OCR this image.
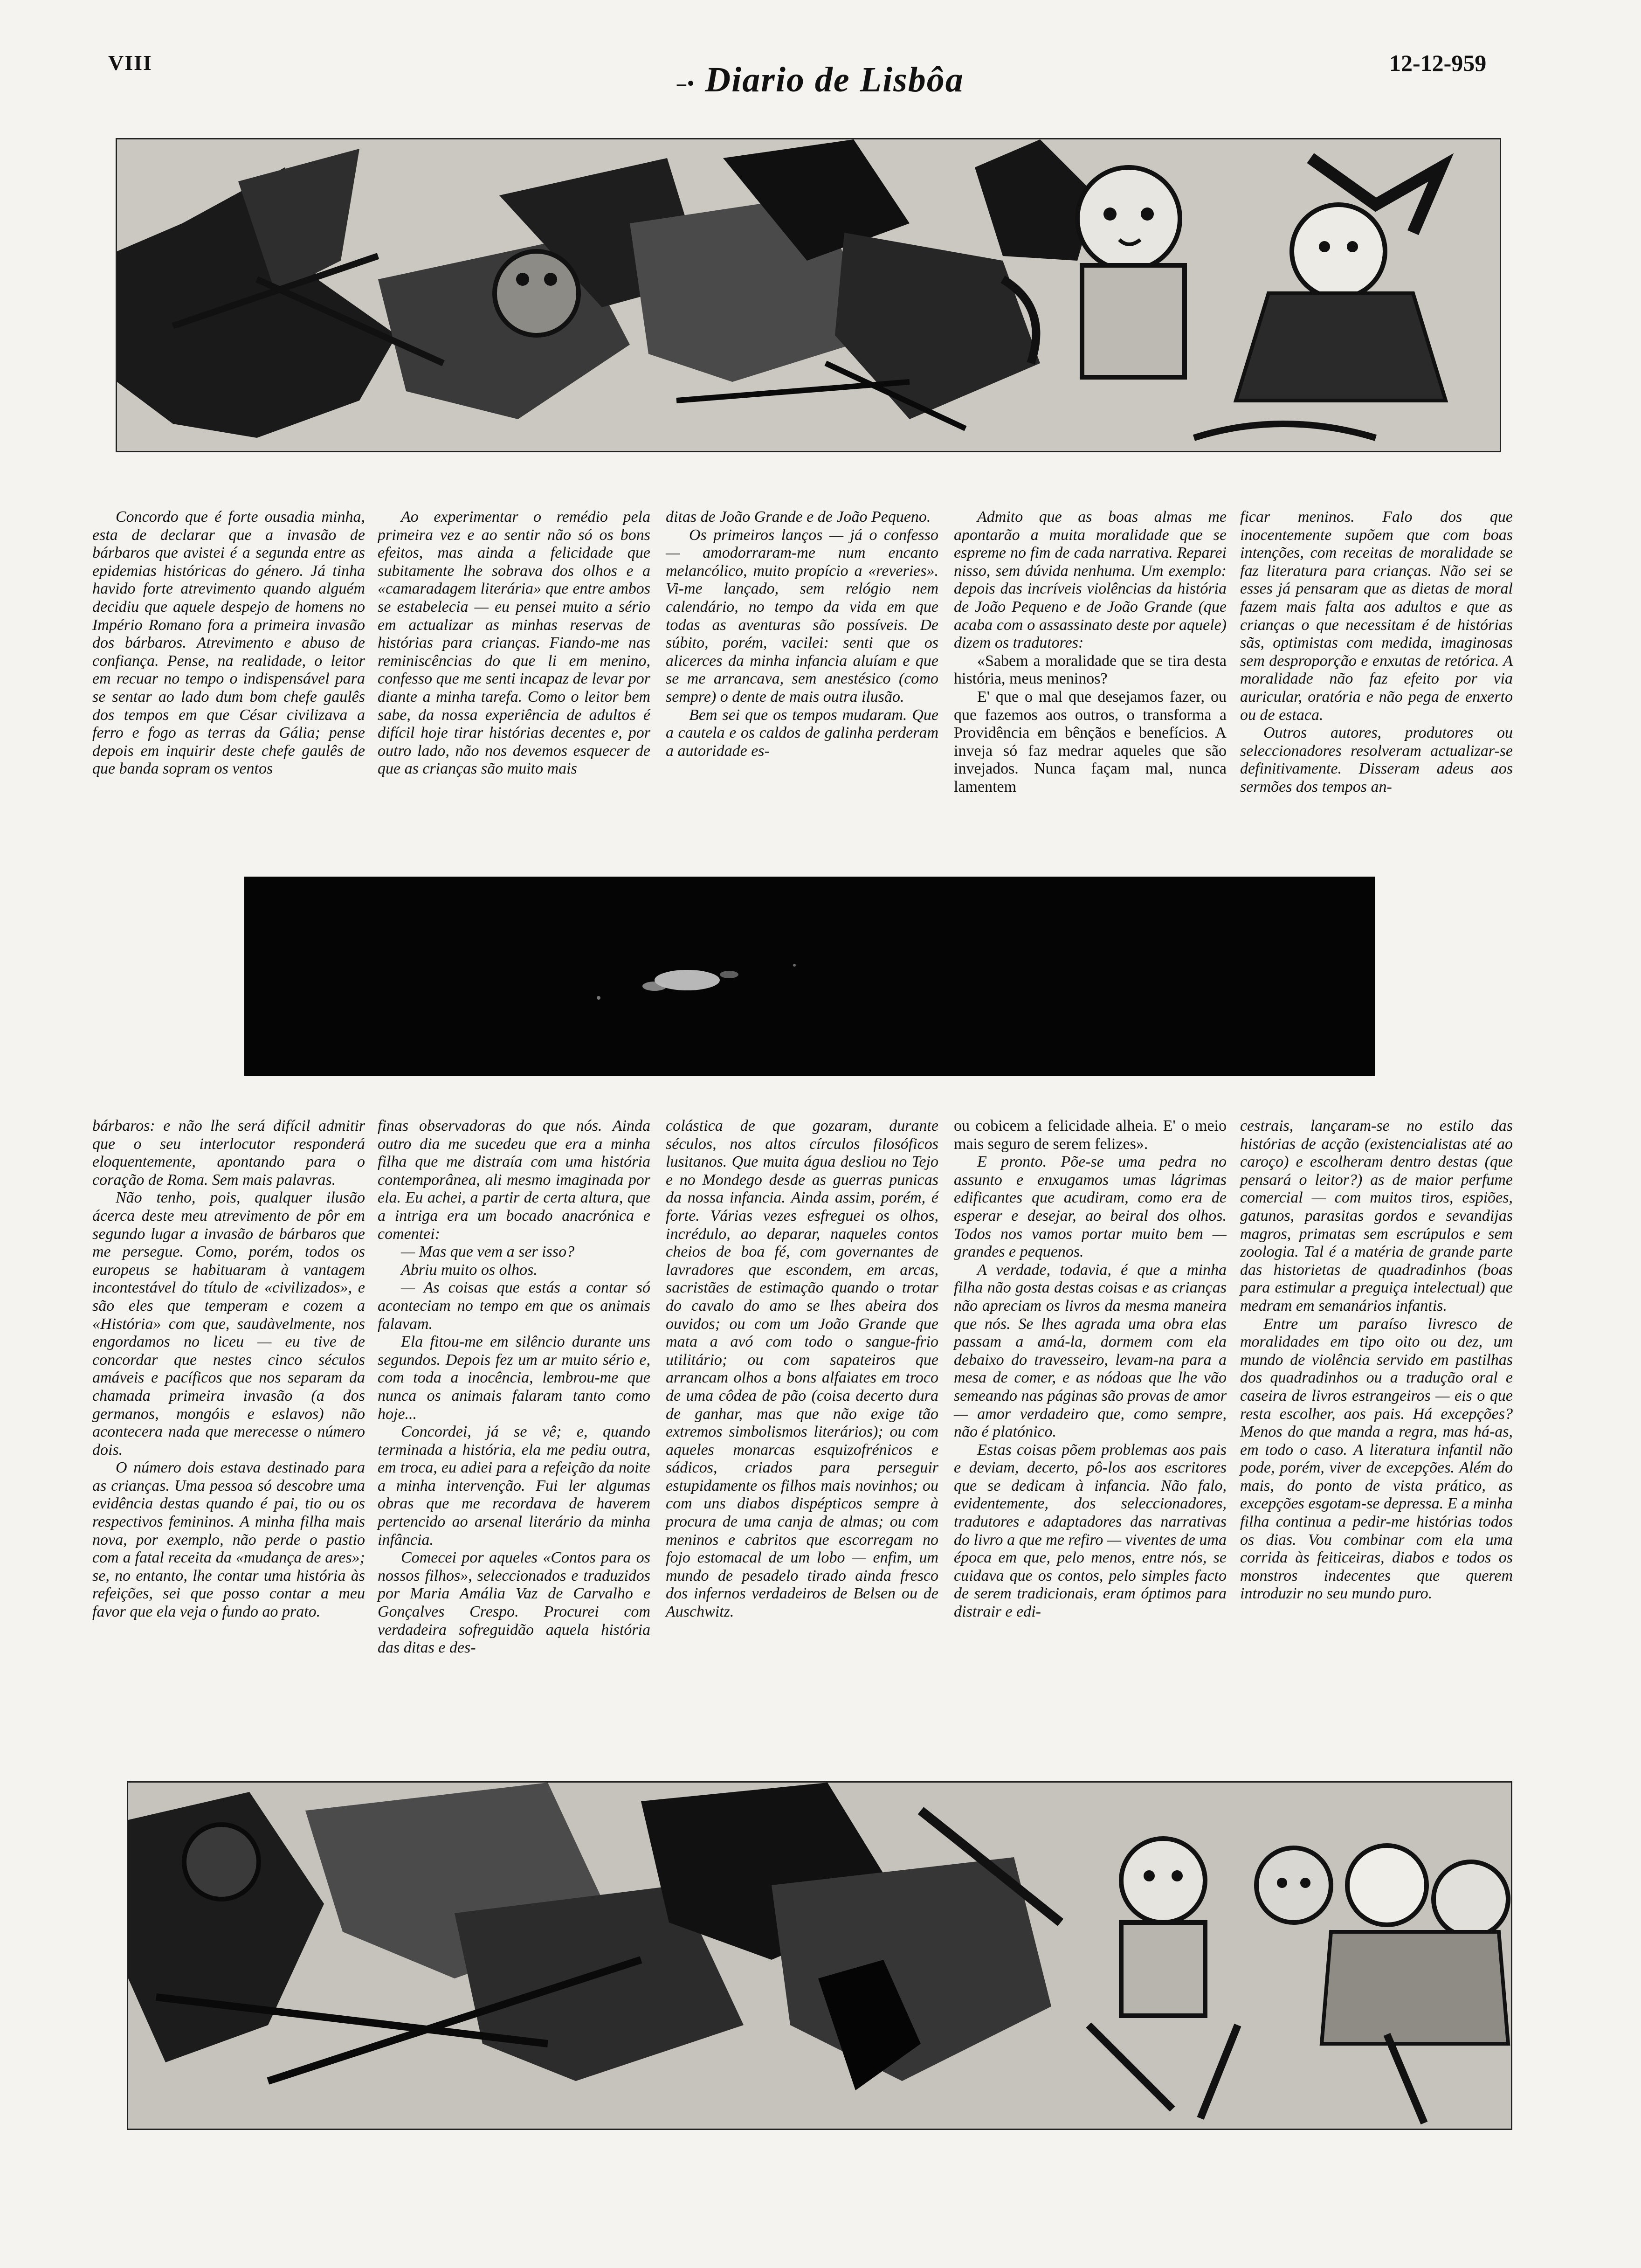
VIII
–• Diario de Lisbôa	12-12-959

Concordo que é forte ousadia minha, esta de declarar que a invasão de bárbaros que avistei é a segunda entre as epidemias históricas do género. Já tinha havido forte atrevimento quando alguém decidiu que aquele despejo de homens no Império Romano fora a primeira invasão dos bárbaros. Atrevimento e abuso de confiança. Pense, na realidade, o leitor em recuar no tempo o indispensável para se sentar ao lado dum bom chefe gaulês dos tempos em que César civilizava a ferro e fogo as terras da Gália; pense depois em inquirir deste chefe gaulês de que banda sopram os ventos

Ao experimentar o remédio pela primeira vez e ao sentir não só os bons efeitos, mas ainda a felicidade que subitamente lhe sobrava dos olhos e a «camaradagem literária» que entre ambos se estabelecia — eu pensei muito a sério em actualizar as minhas reservas de histórias para crianças. Fiando-me nas reminiscências do que li em menino, confesso que me senti incapaz de levar por diante a minha tarefa. Como o leitor bem sabe, da nossa experiência de adultos é difícil hoje tirar histórias decentes e, por outro lado, não nos devemos esquecer de que as crianças são muito mais

ditas de João Grande e de João Pequeno.

Os primeiros lanços — já o confesso — amodorraram-me num encanto melancólico, muito propício a «reveries». Vi-me lançado, sem relógio nem calendário, no tempo da vida em que todas as aventuras são possíveis. De súbito, porém, vacilei: senti que os alicerces da minha infancia aluíam e que se me arrancava, sem anestésico (como sempre) o dente de mais outra ilusão.

Bem sei que os tempos mudaram. Que a cautela e os caldos de galinha perderam a autoridade es-

Admito que as boas almas me apontarão a muita moralidade que se espreme no fim de cada narrativa. Reparei nisso, sem dúvida nenhuma. Um exemplo: depois das incríveis violências da história de João Pequeno e de João Grande (que acaba com o assassinato deste por aquele) dizem os tradutores:

«Sabem a moralidade que se tira desta história, meus meninos?

E' que o mal que desejamos fazer, ou que fazemos aos outros, o transforma a Providência em bênçãos e benefícios. A inveja só faz medrar aqueles que são invejados. Nunca façam mal, nunca lamentem

ficar meninos. Falo dos que inocentemente supõem que com boas intenções, com receitas de moralidade se faz literatura para crianças. Não sei se esses já pensaram que as dietas de moral fazem mais falta aos adultos e que as crianças o que necessitam é de histórias sãs, optimistas com medida, imaginosas sem desproporção e enxutas de retórica. A moralidade não faz efeito por via auricular, oratória e não pega de enxerto ou de estaca.

Outros autores, produtores ou seleccionadores resolveram actualizar-se definitivamente. Disseram adeus aos sermões dos tempos an-

bárbaros: e não lhe será difícil admitir que o seu interlocutor responderá eloquentemente, apontando para o coração de Roma. Sem mais palavras.

Não tenho, pois, qualquer ilusão ácerca deste meu atrevimento de pôr em segundo lugar a invasão de bárbaros que me persegue. Como, porém, todos os europeus se habituaram à vantagem incontestável do título de «civilizados», e são eles que temperam e cozem a «História» com que, saudàvelmente, nos engordamos no liceu — eu tive de concordar que nestes cinco séculos amáveis e pacíficos que nos separam da chamada primeira invasão (a dos germanos, mongóis e eslavos) não acontecera nada que merecesse o número dois.

O número dois estava destinado para as crianças. Uma pessoa só descobre uma evidência destas quando é pai, tio ou os respectivos femininos. A minha filha mais nova, por exemplo, não perde o pastio com a fatal receita da «mudança de ares»; se, no entanto, lhe contar uma história às refeições, sei que posso contar a meu favor que ela veja o fundo ao prato.

finas observadoras do que nós. Ainda outro dia me sucedeu que era a minha filha que me distraía com uma história contemporânea, ali mesmo imaginada por ela. Eu achei, a partir de certa altura, que a intriga era um bocado anacrónica e comentei:

— Mas que vem a ser isso?

Abriu muito os olhos.

— As coisas que estás a contar só aconteciam no tempo em que os animais falavam.

Ela fitou-me em silêncio durante uns segundos. Depois fez um ar muito sério e, com toda a inocência, lembrou-me que nunca os animais falaram tanto como hoje...

Concordei, já se vê; e, quando terminada a história, ela me pediu outra, em troca, eu adiei para a refeição da noite a minha intervenção. Fui ler algumas obras que me recordava de haverem pertencido ao arsenal literário da minha infância.

Comecei por aqueles «Contos para os nossos filhos», seleccionados e traduzidos por Maria Amália Vaz de Carvalho e Gonçalves Crespo. Procurei com verdadeira sofreguidão aquela história das ditas e des-

colástica de que gozaram, durante séculos, nos altos círculos filosóficos lusitanos. Que muita água desliou no Tejo e no Mondego desde as guerras punicas da nossa infancia. Ainda assim, porém, é forte. Várias vezes esfreguei os olhos, incrédulo, ao deparar, naqueles contos cheios de boa fé, com governantes de lavradores que escondem, em arcas, sacristães de estimação quando o trotar do cavalo do amo se lhes abeira dos ouvidos; ou com um João Grande que mata a avó com todo o sangue-frio utilitário; ou com sapateiros que arrancam olhos a bons alfaiates em troco de uma côdea de pão (coisa decerto dura de ganhar, mas que não exige tão extremos simbolismos literários); ou com aqueles monarcas esquizofrénicos e sádicos, criados para perseguir estupidamente os filhos mais novinhos; ou com uns diabos dispépticos sempre à procura de uma canja de almas; ou com meninos e cabritos que escorregam no fojo estomacal de um lobo — enfim, um mundo de pesadelo tirado ainda fresco dos infernos verdadeiros de Belsen ou de Auschwitz.

ou cobicem a felicidade alheia. E' o meio mais seguro de serem felizes».

E pronto. Põe-se uma pedra no assunto e enxugamos umas lágrimas edificantes que acudiram, como era de esperar e desejar, ao beiral dos olhos. Todos nos vamos portar muito bem — grandes e pequenos.

A verdade, todavia, é que a minha filha não gosta destas coisas e as crianças não apreciam os livros da mesma maneira que nós. Se lhes agrada uma obra elas passam a amá-la, dormem com ela debaixo do travesseiro, levam-na para a mesa de comer, e as nódoas que lhe vão semeando nas páginas são provas de amor — amor verdadeiro que, como sempre, não é platónico.

Estas coisas põem problemas aos pais e deviam, decerto, pô-los aos escritores que se dedicam à infancia. Não falo, evidentemente, dos seleccionadores, tradutores e adaptadores das narrativas do livro a que me refiro — viventes de uma época em que, pelo menos, entre nós, se cuidava que os contos, pelo simples facto de serem tradicionais, eram óptimos para distrair e edi-

cestrais, lançaram-se no estilo das histórias de acção (existencialistas até ao caroço) e escolheram dentro destas (que pensará o leitor?) as de maior perfume comercial — com muitos tiros, espiões, gatunos, parasitas gordos e sevandijas magros, primatas sem escrúpulos e sem zoologia. Tal é a matéria de grande parte das historietas de quadradinhos (boas para estimular a preguiça intelectual) que medram em semanários infantis.

Entre um paraíso livresco de moralidades em tipo oito ou dez, um mundo de violência servido em pastilhas dos quadradinhos ou a tradução oral e caseira de livros estrangeiros — eis o que resta escolher, aos pais. Há excepções? Menos do que manda a regra, mas há-as, em todo o caso. A literatura infantil não pode, porém, viver de excepções. Além do mais, do ponto de vista prático, as excepções esgotam-se depressa. E a minha filha continua a pedir-me histórias todos os dias. Vou combinar com ela uma corrida às feiticeiras, diabos e todos os monstros indecentes que querem introduzir no seu mundo puro.
